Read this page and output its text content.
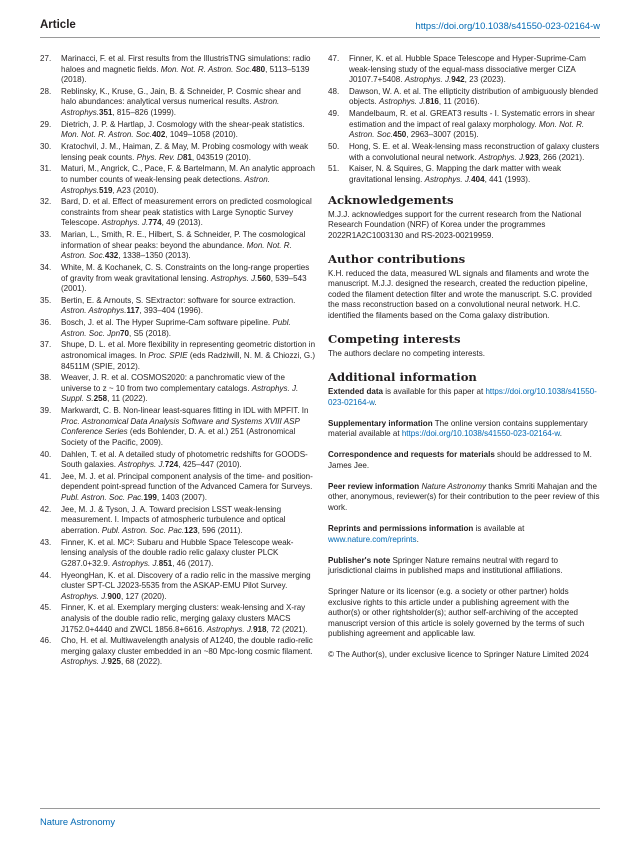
Article	https://doi.org/10.1038/s41550-023-02164-w
27. Marinacci, F. et al. First results from the IllustrisTNG simulations: radio haloes and magnetic fields. Mon. Not. R. Astron. Soc.480, 5113–5139 (2018).
28. Reblinsky, K., Kruse, G., Jain, B. & Schneider, P. Cosmic shear and halo abundances: analytical versus numerical results. Astron. Astrophys.351, 815–826 (1999).
29. Dietrich, J. P. & Hartlap, J. Cosmology with the shear-peak statistics. Mon. Not. R. Astron. Soc.402, 1049–1058 (2010).
30. Kratochvil, J. M., Haiman, Z. & May, M. Probing cosmology with weak lensing peak counts. Phys. Rev. D81, 043519 (2010).
31. Maturi, M., Angrick, C., Pace, F. & Bartelmann, M. An analytic approach to number counts of weak-lensing peak detections. Astron. Astrophys.519, A23 (2010).
32. Bard, D. et al. Effect of measurement errors on predicted cosmological constraints from shear peak statistics with Large Synoptic Survey Telescope. Astrophys. J.774, 49 (2013).
33. Marian, L., Smith, R. E., Hilbert, S. & Schneider, P. The cosmological information of shear peaks: beyond the abundance. Mon. Not. R. Astron. Soc.432, 1338–1350 (2013).
34. White, M. & Kochanek, C. S. Constraints on the long-range properties of gravity from weak gravitational lensing. Astrophys. J.560, 539–543 (2001).
35. Bertin, E. & Arnouts, S. SExtractor: software for source extraction. Astron. Astrophys.117, 393–404 (1996).
36. Bosch, J. et al. The Hyper Suprime-Cam software pipeline. Publ. Astron. Soc. Jpn70, S5 (2018).
37. Shupe, D. L. et al. More flexibility in representing geometric distortion in astronomical images. In Proc. SPIE (eds Radziwill, N. M. & Chiozzi, G.) 84511M (SPIE, 2012).
38. Weaver, J. R. et al. COSMOS2020: a panchromatic view of the universe to z ~ 10 from two complementary catalogs. Astrophys. J. Suppl. S.258, 11 (2022).
39. Markwardt, C. B. Non-linear least-squares fitting in IDL with MPFIT. In Proc. Astronomical Data Analysis Software and Systems XVIII ASP Conference Series (eds Bohlender, D. A. et al.) 251 (Astronomical Society of the Pacific, 2009).
40. Dahlen, T. et al. A detailed study of photometric redshifts for GOODS-South galaxies. Astrophys. J.724, 425–447 (2010).
41. Jee, M. J. et al. Principal component analysis of the time- and position-dependent point-spread function of the Advanced Camera for Surveys. Publ. Astron. Soc. Pac.199, 1403 (2007).
42. Jee, M. J. & Tyson, J. A. Toward precision LSST weak-lensing measurement. I. Impacts of atmospheric turbulence and optical aberration. Publ. Astron. Soc. Pac.123, 596 (2011).
43. Finner, K. et al. MC²: Subaru and Hubble Space Telescope weak-lensing analysis of the double radio relic galaxy cluster PLCK G287.0+32.9. Astrophys. J.851, 46 (2017).
44. HyeongHan, K. et al. Discovery of a radio relic in the massive merging cluster SPT-CL J2023-5535 from the ASKAP-EMU Pilot Survey. Astrophys. J.900, 127 (2020).
45. Finner, K. et al. Exemplary merging clusters: weak-lensing and X-ray analysis of the double radio relic, merging galaxy clusters MACS J1752.0+4440 and ZWCL 1856.8+6616. Astrophys. J.918, 72 (2021).
46. Cho, H. et al. Multiwavelength analysis of A1240, the double radio-relic merging galaxy cluster embedded in an ~80 Mpc-long cosmic filament. Astrophys. J.925, 68 (2022).
47. Finner, K. et al. Hubble Space Telescope and Hyper-Suprime-Cam weak-lensing study of the equal-mass dissociative merger CIZA J0107.7+5408. Astrophys. J.942, 23 (2023).
48. Dawson, W. A. et al. The ellipticity distribution of ambiguously blended objects. Astrophys. J.816, 11 (2016).
49. Mandelbaum, R. et al. GREAT3 results - I. Systematic errors in shear estimation and the impact of real galaxy morphology. Mon. Not. R. Astron. Soc.450, 2963–3007 (2015).
50. Hong, S. E. et al. Weak-lensing mass reconstruction of galaxy clusters with a convolutional neural network. Astrophys. J.923, 266 (2021).
51. Kaiser, N. & Squires, G. Mapping the dark matter with weak gravitational lensing. Astrophys. J.404, 441 (1993).
Acknowledgements

M.J.J. acknowledges support for the current research from the National Research Foundation (NRF) of Korea under the programmes 2022R1A2C1003130 and RS-2023-00219959.

Author contributions

K.H. reduced the data, measured WL signals and filaments and wrote the manuscript. M.J.J. designed the research, created the reduction pipeline, coded the filament detection filter and wrote the manuscript. S.C. provided the mass reconstruction based on a convolutional neural network. H.C. identified the filaments based on the Coma galaxy distribution.

Competing interests

The authors declare no competing interests.

Additional information

Extended data is available for this paper at https://doi.org/10.1038/s41550-023-02164-w.

Supplementary information The online version contains supplementary material available at https://doi.org/10.1038/s41550-023-02164-w.

Correspondence and requests for materials should be addressed to M. James Jee.

Peer review information Nature Astronomy thanks Smriti Mahajan and the other, anonymous, reviewer(s) for their contribution to the peer review of this work.

Reprints and permissions information is available at www.nature.com/reprints.

Publisher's note Springer Nature remains neutral with regard to jurisdictional claims in published maps and institutional affiliations.

Springer Nature or its licensor (e.g. a society or other partner) holds exclusive rights to this article under a publishing agreement with the author(s) or other rightsholder(s); author self-archiving of the accepted manuscript version of this article is solely governed by the terms of such publishing agreement and applicable law.

© The Author(s), under exclusive licence to Springer Nature Limited 2024

Nature Astronomy
